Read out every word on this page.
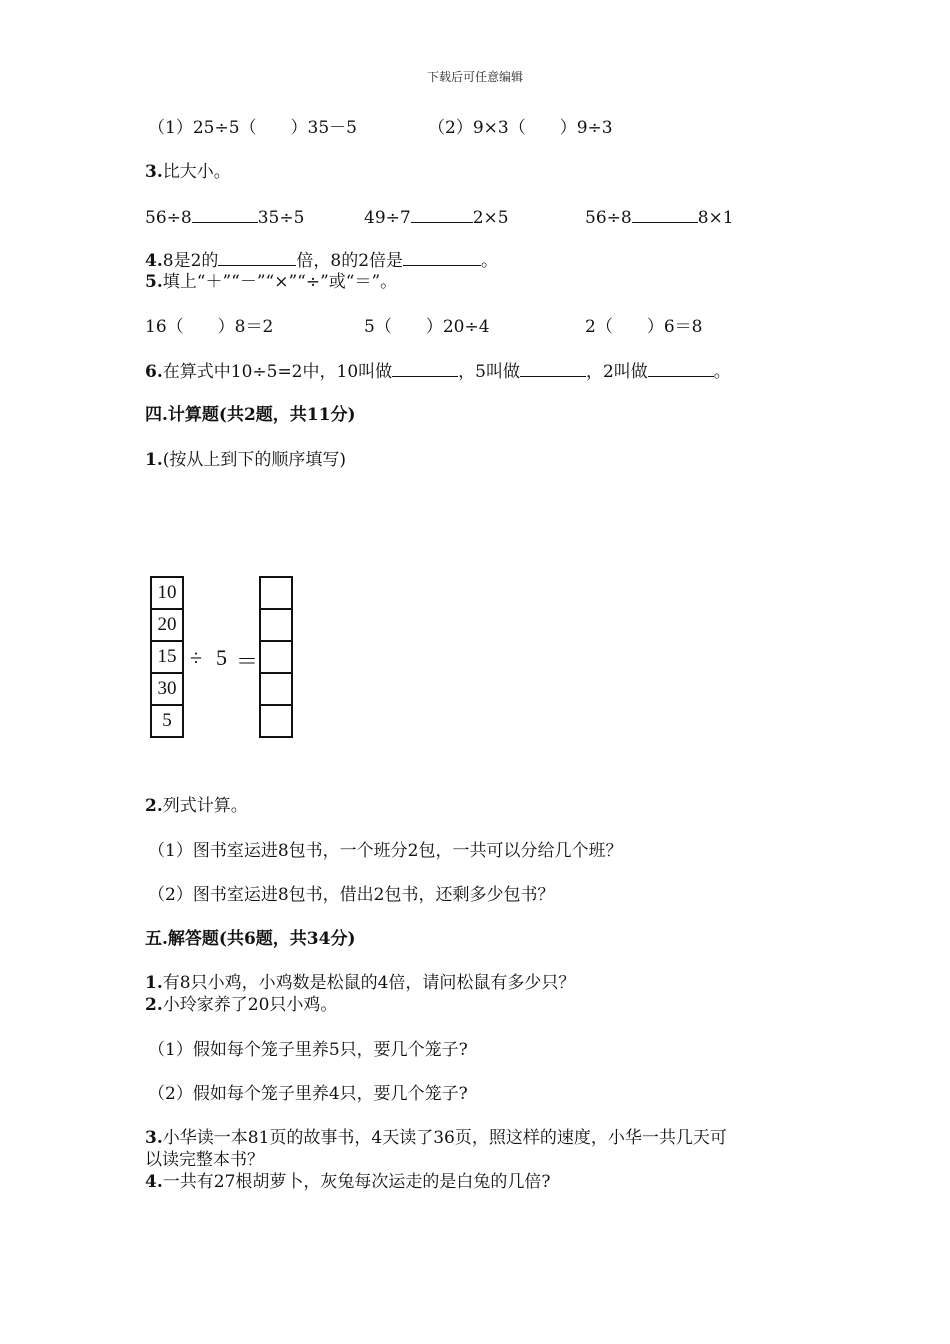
下载后可任意编辑
（1）25÷5（　　）35－5	（2）9×3（　　）9÷3
3.比大小。
56÷8	35÷5	49÷7	2×5	56÷8	8×1
4.8是2的	倍，8的2倍是	。
5.填上“＋”“－”“×”“÷”或“＝”。
16（　　）8＝2	5（　　）20÷4	2（　　）6＝8
6.在算式中10÷5=2中，10叫做	，5叫做	，2叫做	。
四.计算题(共2题，共11分)
1.(按从上到下的顺序填写)
10
20
15
30
5
÷ 5 ＝
2.列式计算。
（1）图书室运进8包书，一个班分2包，一共可以分给几个班？
（2）图书室运进8包书，借出2包书，还剩多少包书？
五.解答题(共6题，共34分)
1.有8只小鸡，小鸡数是松鼠的4倍，请问松鼠有多少只？
2.小玲家养了20只小鸡。
（1）假如每个笼子里养5只，要几个笼子?
（2）假如每个笼子里养4只，要几个笼子?
3.小华读一本81页的故事书，4天读了36页，照这样的速度，小华一共几天可
以读完整本书？
4.一共有27根胡萝卜，灰兔每次运走的是白兔的几倍?
